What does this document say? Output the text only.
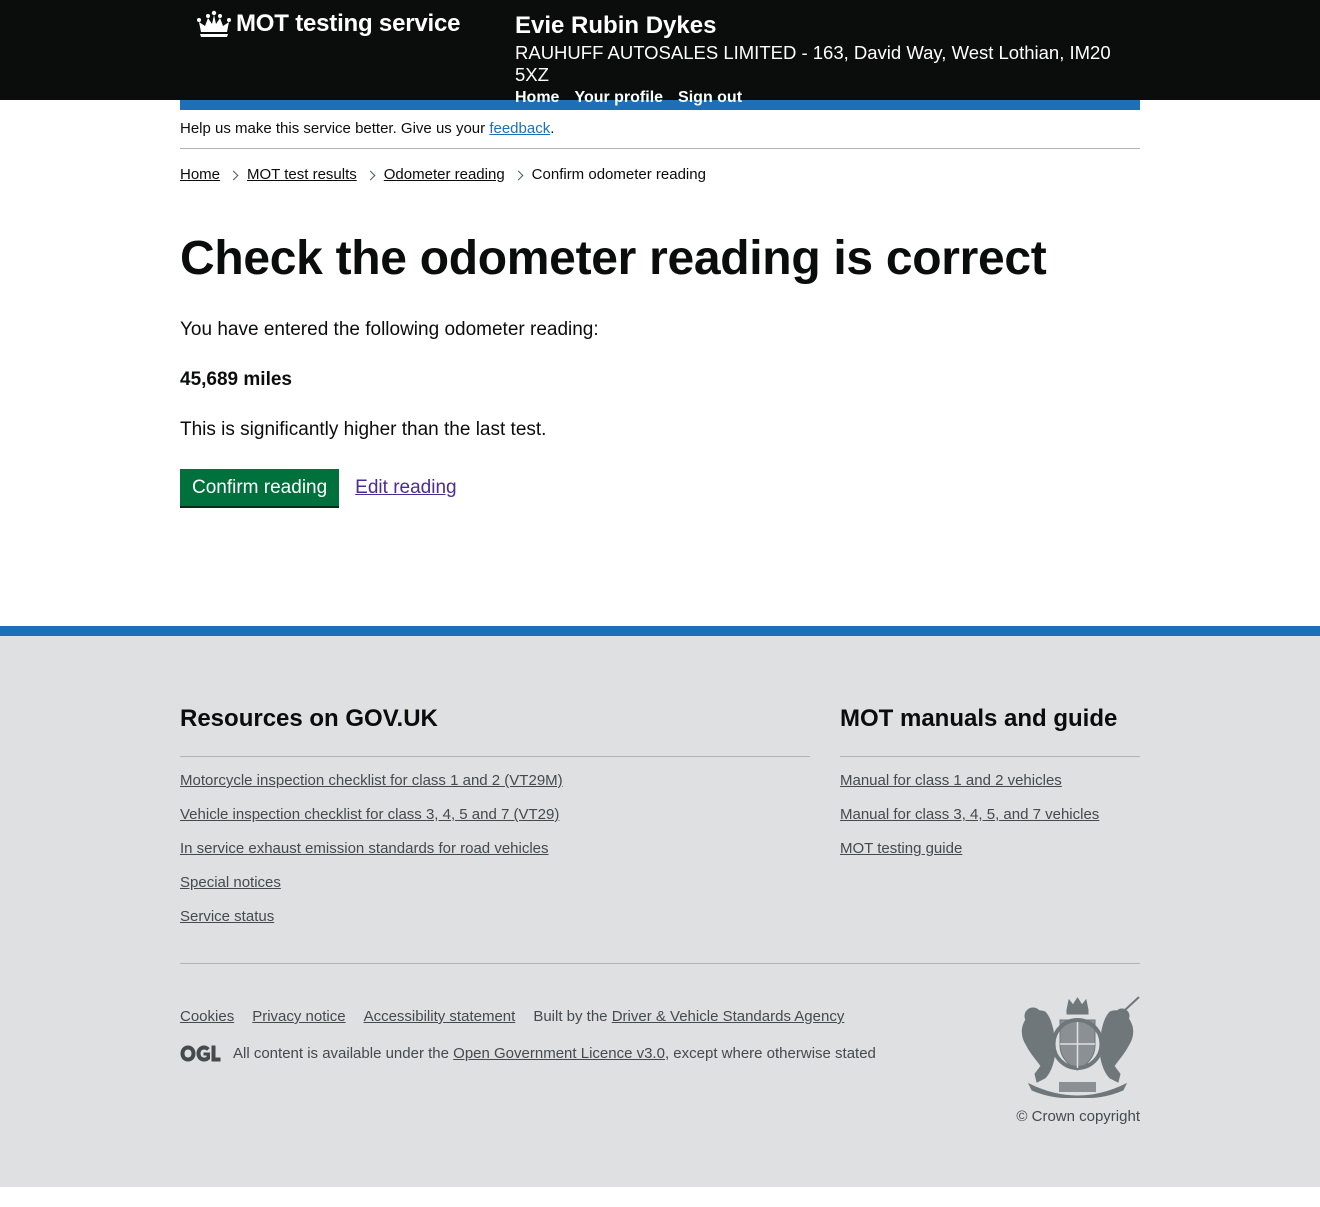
MOT testing service Evie Rubin Dykes
RAUHUFF AUTOSALES LIMITED - 163, David Way, West Lothian, IM20 5XZ
Home Your profile Sign out
Help us make this service better. Give us your feedback.
Home MOT test results Odometer reading Confirm odometer reading
Check the odometer reading is correct

You have entered the following odometer reading:

45,689 miles

This is significantly higher than the last test.

Confirm reading	Edit reading
Resources on GOV.UK
Motorcycle inspection checklist for class 1 and 2 (VT29M)
Vehicle inspection checklist for class 3, 4, 5 and 7 (VT29)
In service exhaust emission standards for road vehicles
Special notices
Service status
MOT manuals and guide
Manual for class 1 and 2 vehicles
Manual for class 3, 4, 5, and 7 vehicles
MOT testing guide
Cookies Privacy notice Accessibility statement Built by the Driver & Vehicle Standards Agency
All content is available under the
Open Government Licence v3.0 , except where otherwise stated
© Crown copyright
